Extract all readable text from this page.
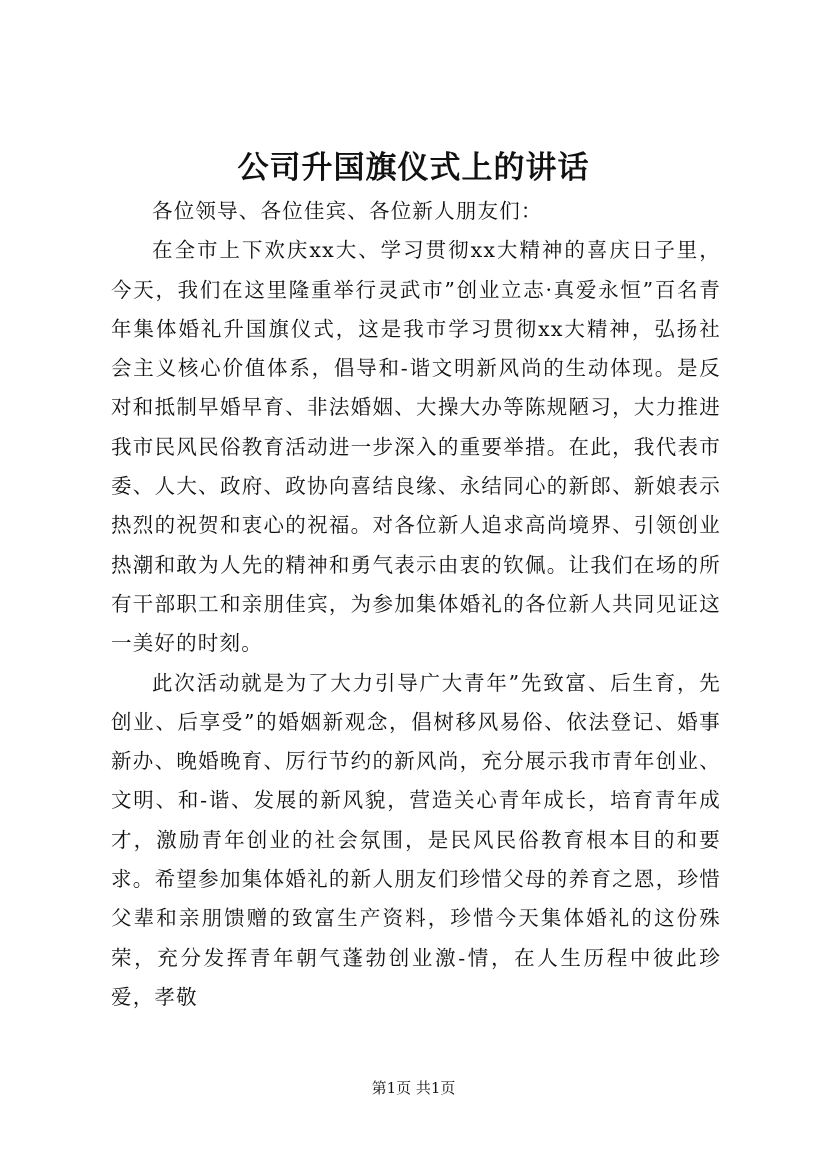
公司升国旗仪式上的讲话

各位领导、各位佳宾、各位新人朋友们：

在全市上下欢庆xx大、学习贯彻xx大精神的喜庆日子里，今天，我们在这里隆重举行灵武市”创业立志·真爱永恒”百名青年集体婚礼升国旗仪式，这是我市学习贯彻xx大精神，弘扬社会主义核心价值体系，倡导和-谐文明新风尚的生动体现。是反对和抵制早婚早育、非法婚姻、大操大办等陈规陋习，大力推进我市民风民俗教育活动进一步深入的重要举措。在此，我代表市委、人大、政府、政协向喜结良缘、永结同心的新郎、新娘表示热烈的祝贺和衷心的祝福。对各位新人追求高尚境界、引领创业热潮和敢为人先的精神和勇气表示由衷的钦佩。让我们在场的所有干部职工和亲朋佳宾，为参加集体婚礼的各位新人共同见证这一美好的时刻。

此次活动就是为了大力引导广大青年”先致富、后生育，先创业、后享受”的婚姻新观念，倡树移风易俗、依法登记、婚事新办、晚婚晚育、厉行节约的新风尚，充分展示我市青年创业、文明、和-谐、发展的新风貌，营造关心青年成长，培育青年成才，激励青年创业的社会氛围，是民风民俗教育根本目的和要求。希望参加集体婚礼的新人朋友们珍惜父母的养育之恩，珍惜父辈和亲朋馈赠的致富生产资料，珍惜今天集体婚礼的这份殊荣，充分发挥青年朝气蓬勃创业激-情，在人生历程中彼此珍爱，孝敬

第1页 共1页
